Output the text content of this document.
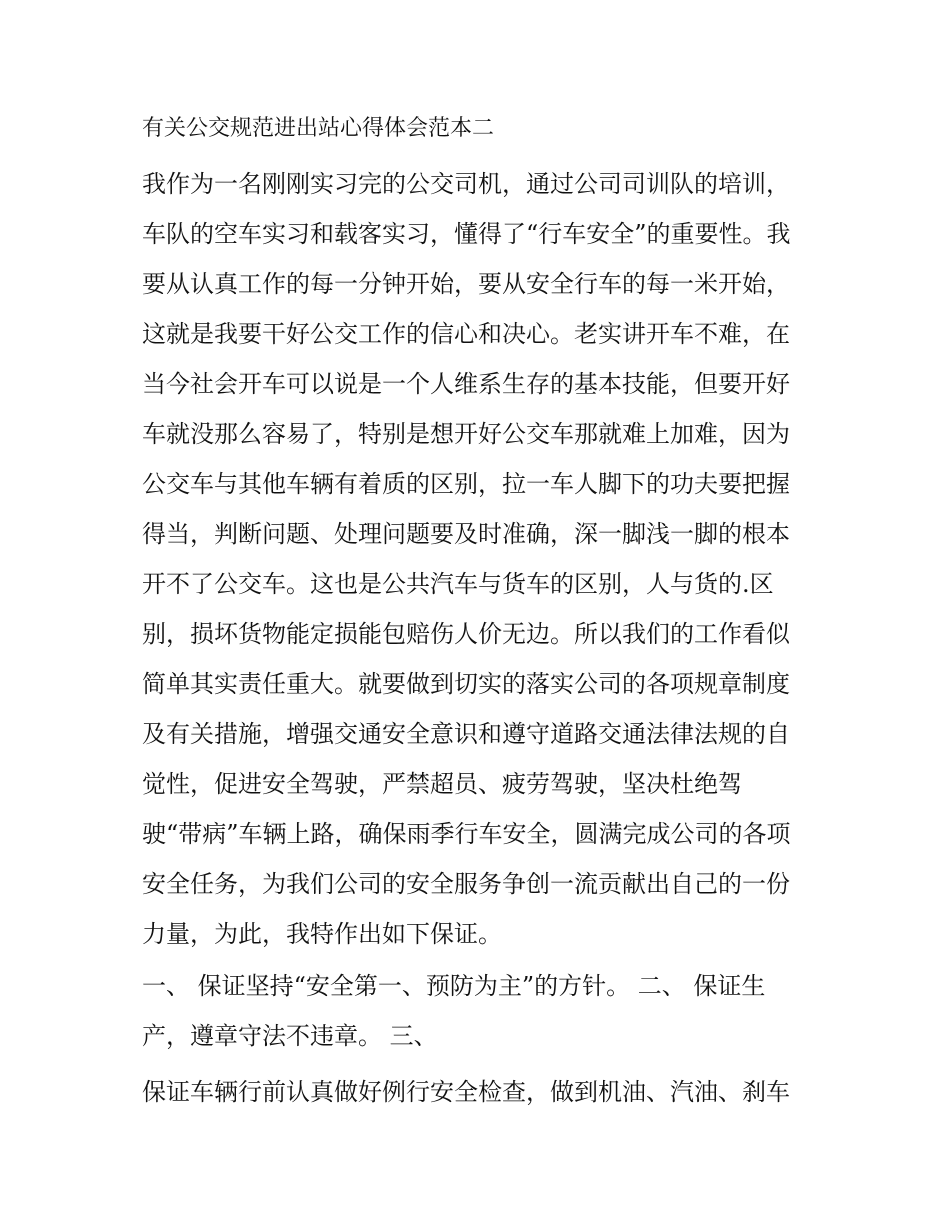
有关公交规范进出站心得体会范本二
我作为一名刚刚实习完的公交司机，通过公司司训队的培训，
车队的空车实习和载客实习，懂得了“行车安全”的重要性。我
要从认真工作的每一分钟开始，要从安全行车的每一米开始，
这就是我要干好公交工作的信心和决心。老实讲开车不难，在
当今社会开车可以说是一个人维系生存的基本技能，但要开好
车就没那么容易了，特别是想开好公交车那就难上加难，因为
公交车与其他车辆有着质的区别，拉一车人脚下的功夫要把握
得当，判断问题、处理问题要及时准确，深一脚浅一脚的根本
开不了公交车。这也是公共汽车与货车的区别，人与货的.区
别，损坏货物能定损能包赔伤人价无边。所以我们的工作看似
简单其实责任重大。就要做到切实的落实公司的各项规章制度
及有关措施，增强交通安全意识和遵守道路交通法律法规的自
觉性，促进安全驾驶，严禁超员、疲劳驾驶，坚决杜绝驾
驶“带病”车辆上路，确保雨季行车安全，圆满完成公司的各项
安全任务，为我们公司的安全服务争创一流贡献出自己的一份
力量，为此，我特作出如下保证。
一、 保证坚持“安全第一、预防为主”的方针。 二、 保证生
产，遵章守法不违章。 三、
保证车辆行前认真做好例行安全检查，做到机油、汽油、刹车
